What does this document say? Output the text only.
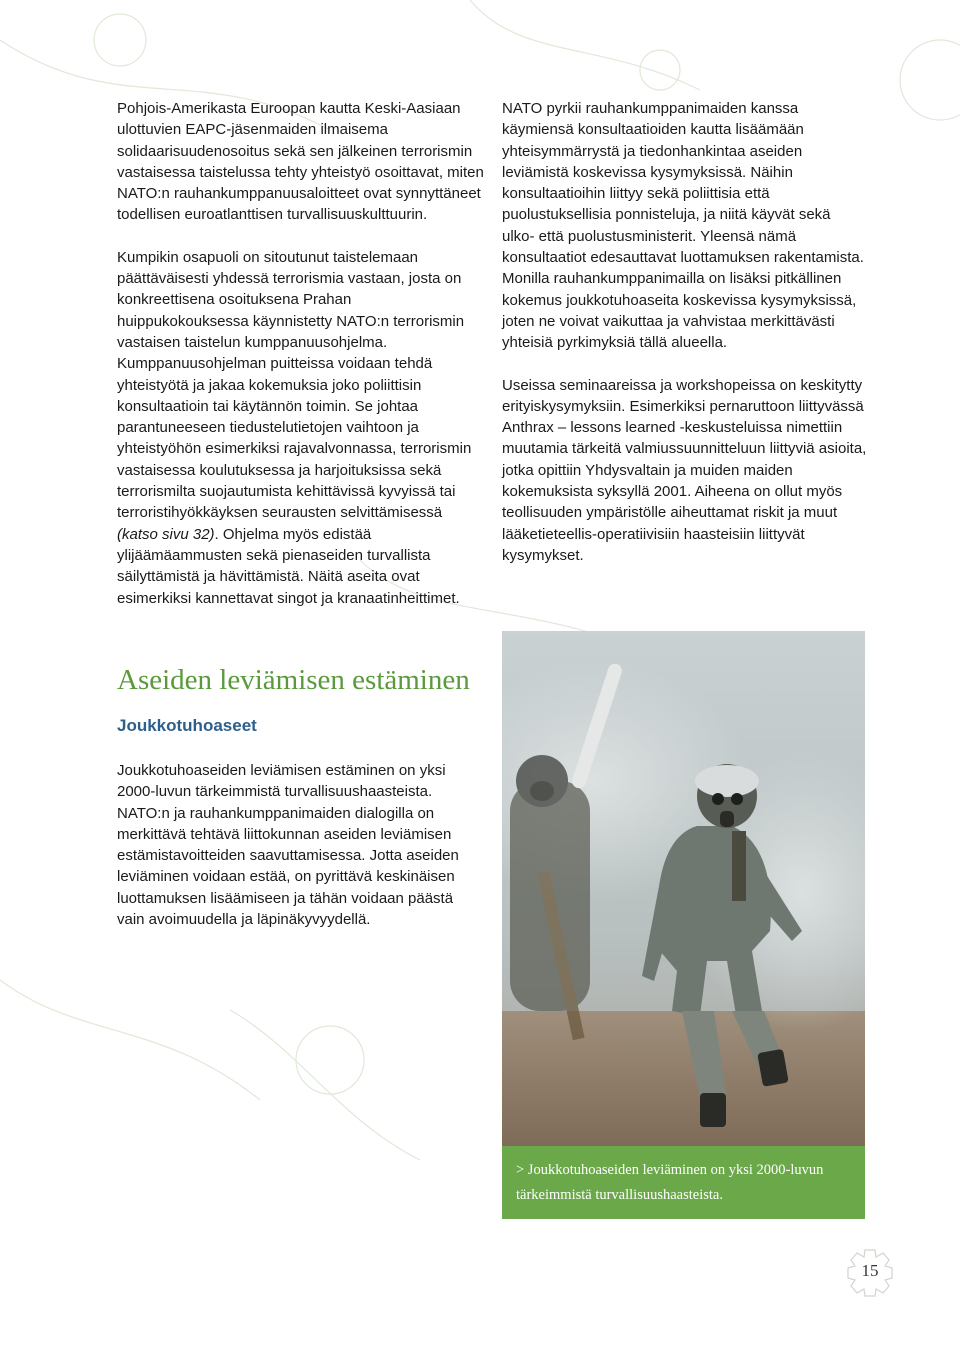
Pohjois-Amerikasta Euroopan kautta Keski-Aasiaan ulottuvien EAPC-jäsenmaiden ilmaisema solidaarisuudenosoitus sekä sen jälkeinen terrorismin vastaisessa taistelussa tehty yhteistyö osoittavat, miten NATO:n rauhankumppanuusaloitteet ovat synnyttäneet todellisen euroatlanttisen turvallisuuskulttuurin.

Kumpikin osapuoli on sitoutunut taistelemaan päättäväisesti yhdessä terrorismia vastaan, josta on konkreettisena osoituksena Prahan huippukokouksessa käynnistetty NATO:n terrorismin vastaisen taistelun kumppanuusohjelma. Kumppanuusohjelman puitteissa voidaan tehdä yhteistyötä ja jakaa kokemuksia joko poliittisin konsultaatioin tai käytännön toimin. Se johtaa parantuneeseen tiedustelutietojen vaihtoon ja yhteistyöhön esimerkiksi rajavalvonnassa, terrorismin vastaisessa koulutuksessa ja harjoituksissa sekä terrorismilta suojautumista kehittävissä kyvyissä tai terroristihyökkäyksen seurausten selvittämisessä (katso sivu 32). Ohjelma myös edistää ylijäämäammusten sekä pienaseiden turvallista säilyttämistä ja hävittämistä. Näitä aseita ovat esimerkiksi kannettavat singot ja kranaatinheittimet.

NATO pyrkii rauhankumppanimaiden kanssa käymiensä konsultaatioiden kautta lisäämään yhteisymmärrystä ja tiedonhankintaa aseiden leviämistä koskevissa kysymyksissä. Näihin konsultaatioihin liittyy sekä poliittisia että puolustuksellisia ponnisteluja, ja niitä käyvät sekä ulko- että puolustusministerit. Yleensä nämä konsultaatiot edesauttavat luottamuksen rakentamista. Monilla rauhankumppanimailla on lisäksi pitkällinen kokemus joukkotuhoaseita koskevissa kysymyksissä, joten ne voivat vaikuttaa ja vahvistaa merkittävästi yhteisiä pyrkimyksiä tällä alueella.

Useissa seminaareissa ja workshopeissa on keskitytty erityiskysymyksiin. Esimerkiksi pernaruttoon liittyvässä Anthrax – lessons learned -keskusteluissa nimettiin muutamia tärkeitä valmiussuunnitteluun liittyviä asioita, jotka opittiin Yhdysvaltain ja muiden maiden kokemuksista syksyllä 2001. Aiheena on ollut myös teollisuuden ympäristölle aiheuttamat riskit ja muut lääketieteellis-operatiivisiin haasteisiin liittyvät kysymykset.

Aseiden leviämisen estäminen
Joukkotuhoaseet

Joukkotuhoaseiden leviämisen estäminen on yksi 2000-luvun tärkeimmistä turvallisuushaasteista. NATO:n ja rauhankumppanimaiden dialogilla on merkittävä tehtävä liittokunnan aseiden leviämisen estämistavoitteiden saavuttamisessa. Jotta aseiden leviäminen voidaan estää, on pyrittävä keskinäisen luottamuksen lisäämiseen ja tähän voidaan päästä vain avoimuudella ja läpinäkyvyydellä.

> Joukkotuhoaseiden leviäminen on yksi 2000-luvun tärkeimmistä turvallisuushaasteista.
15
